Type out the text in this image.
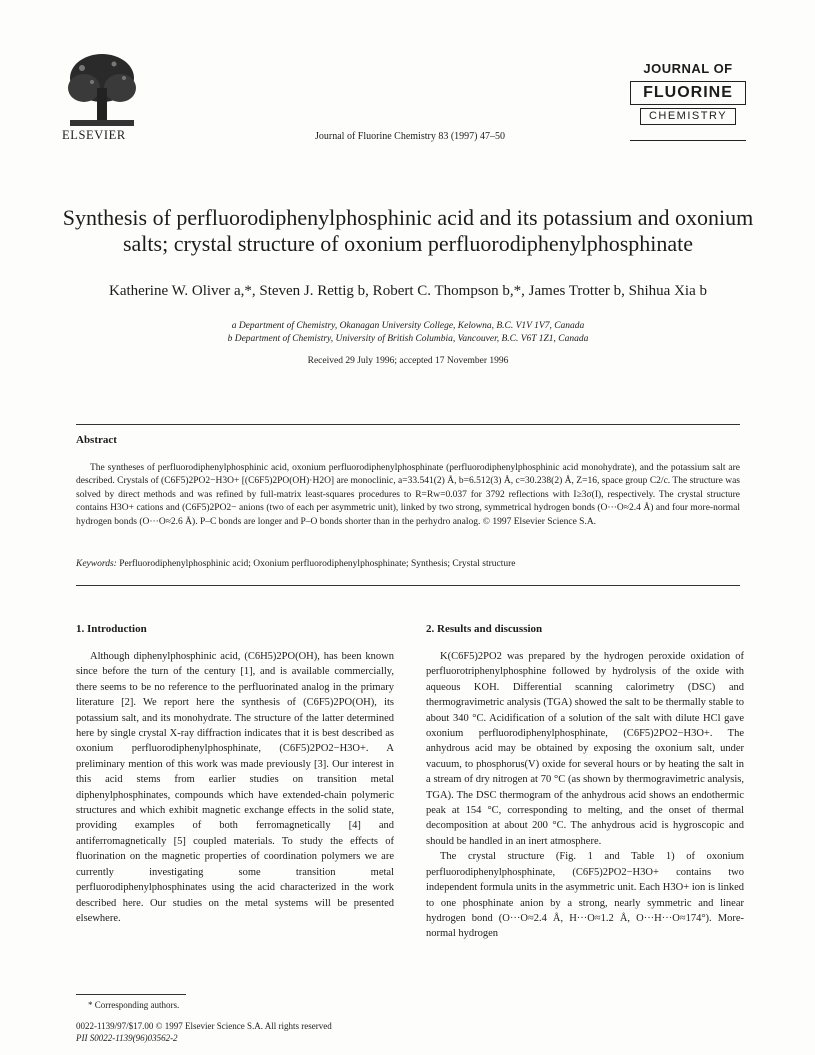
ELSEVIER	Journal of Fluorine Chemistry 83 (1997) 47–50
JOURNAL OF
FLUORINE
CHEMISTRY
Synthesis of perfluorodiphenylphosphinic acid and its potassium and oxonium salts; crystal structure of oxonium perfluorodiphenylphosphinate
Katherine W. Oliver a,*, Steven J. Rettig b, Robert C. Thompson b,*, James Trotter b, Shihua Xia b
a Department of Chemistry, Okanagan University College, Kelowna, B.C. V1V 1V7, Canada
b Department of Chemistry, University of British Columbia, Vancouver, B.C. V6T 1Z1, Canada
Received 29 July 1996; accepted 17 November 1996
Abstract
The syntheses of perfluorodiphenylphosphinic acid, oxonium perfluorodiphenylphosphinate (perfluorodiphenylphosphinic acid monohydrate), and the potassium salt are described. Crystals of (C6F5)2PO2−H3O+ [(C6F5)2PO(OH)·H2O] are monoclinic, a=33.541(2) Å, b=6.512(3) Å, c=30.238(2) Å, Z=16, space group C2/c. The structure was solved by direct methods and was refined by full-matrix least-squares procedures to R=Rw=0.037 for 3792 reflections with I≥3σ(I), respectively. The crystal structure contains H3O+ cations and (C6F5)2PO2− anions (two of each per asymmetric unit), linked by two strong, symmetrical hydrogen bonds (O···O≈2.4 Å) and four more-normal hydrogen bonds (O···O≈2.6 Å). P–C bonds are longer and P–O bonds shorter than in the perhydro analog. © 1997 Elsevier Science S.A.
Keywords: Perfluorodiphenylphosphinic acid; Oxonium perfluorodiphenylphosphinate; Synthesis; Crystal structure
1. Introduction

Although diphenylphosphinic acid, (C6H5)2PO(OH), has been known since before the turn of the century [1], and is available commercially, there seems to be no reference to the perfluorinated analog in the primary literature [2]. We report here the synthesis of (C6F5)2PO(OH), its potassium salt, and its monohydrate. The structure of the latter determined here by single crystal X-ray diffraction indicates that it is best described as oxonium perfluorodiphenylphosphinate, (C6F5)2PO2−H3O+. A preliminary mention of this work was made previously [3]. Our interest in this acid stems from earlier studies on transition metal diphenylphosphinates, compounds which have extended-chain polymeric structures and which exhibit magnetic exchange effects in the solid state, providing examples of both ferromagnetically [4] and antiferromagnetically [5] coupled materials. To study the effects of fluorination on the magnetic properties of coordination polymers we are currently investigating some transition metal perfluorodiphenylphosphinates using the acid characterized in the work described here. Our studies on the metal systems will be presented elsewhere.

2. Results and discussion

K(C6F5)2PO2 was prepared by the hydrogen peroxide oxidation of perfluorotriphenylphosphine followed by hydrolysis of the oxide with aqueous KOH. Differential scanning calorimetry (DSC) and thermogravimetric analysis (TGA) showed the salt to be thermally stable to about 340 °C. Acidification of a solution of the salt with dilute HCl gave oxonium perfluorodiphenylphosphinate, (C6F5)2PO2−H3O+. The anhydrous acid may be obtained by exposing the oxonium salt, under vacuum, to phosphorus(V) oxide for several hours or by heating the salt in a stream of dry nitrogen at 70 °C (as shown by thermogravimetric analysis, TGA). The DSC thermogram of the anhydrous acid shows an endothermic peak at 154 °C, corresponding to melting, and the onset of thermal decomposition at about 200 °C. The anhydrous acid is hygroscopic and should be handled in an inert atmosphere.

The crystal structure (Fig. 1 and Table 1) of oxonium perfluorodiphenylphosphinate, (C6F5)2PO2−H3O+ contains two independent formula units in the asymmetric unit. Each H3O+ ion is linked to one phosphinate anion by a strong, nearly symmetric and linear hydrogen bond (O···O≈2.4 Å, H···O≈1.2 Å, O···H···O≈174°). More-normal hydrogen

* Corresponding authors.
0022-1139/97/$17.00 © 1997 Elsevier Science S.A. All rights reserved
PII S0022-1139(96)03562-2
